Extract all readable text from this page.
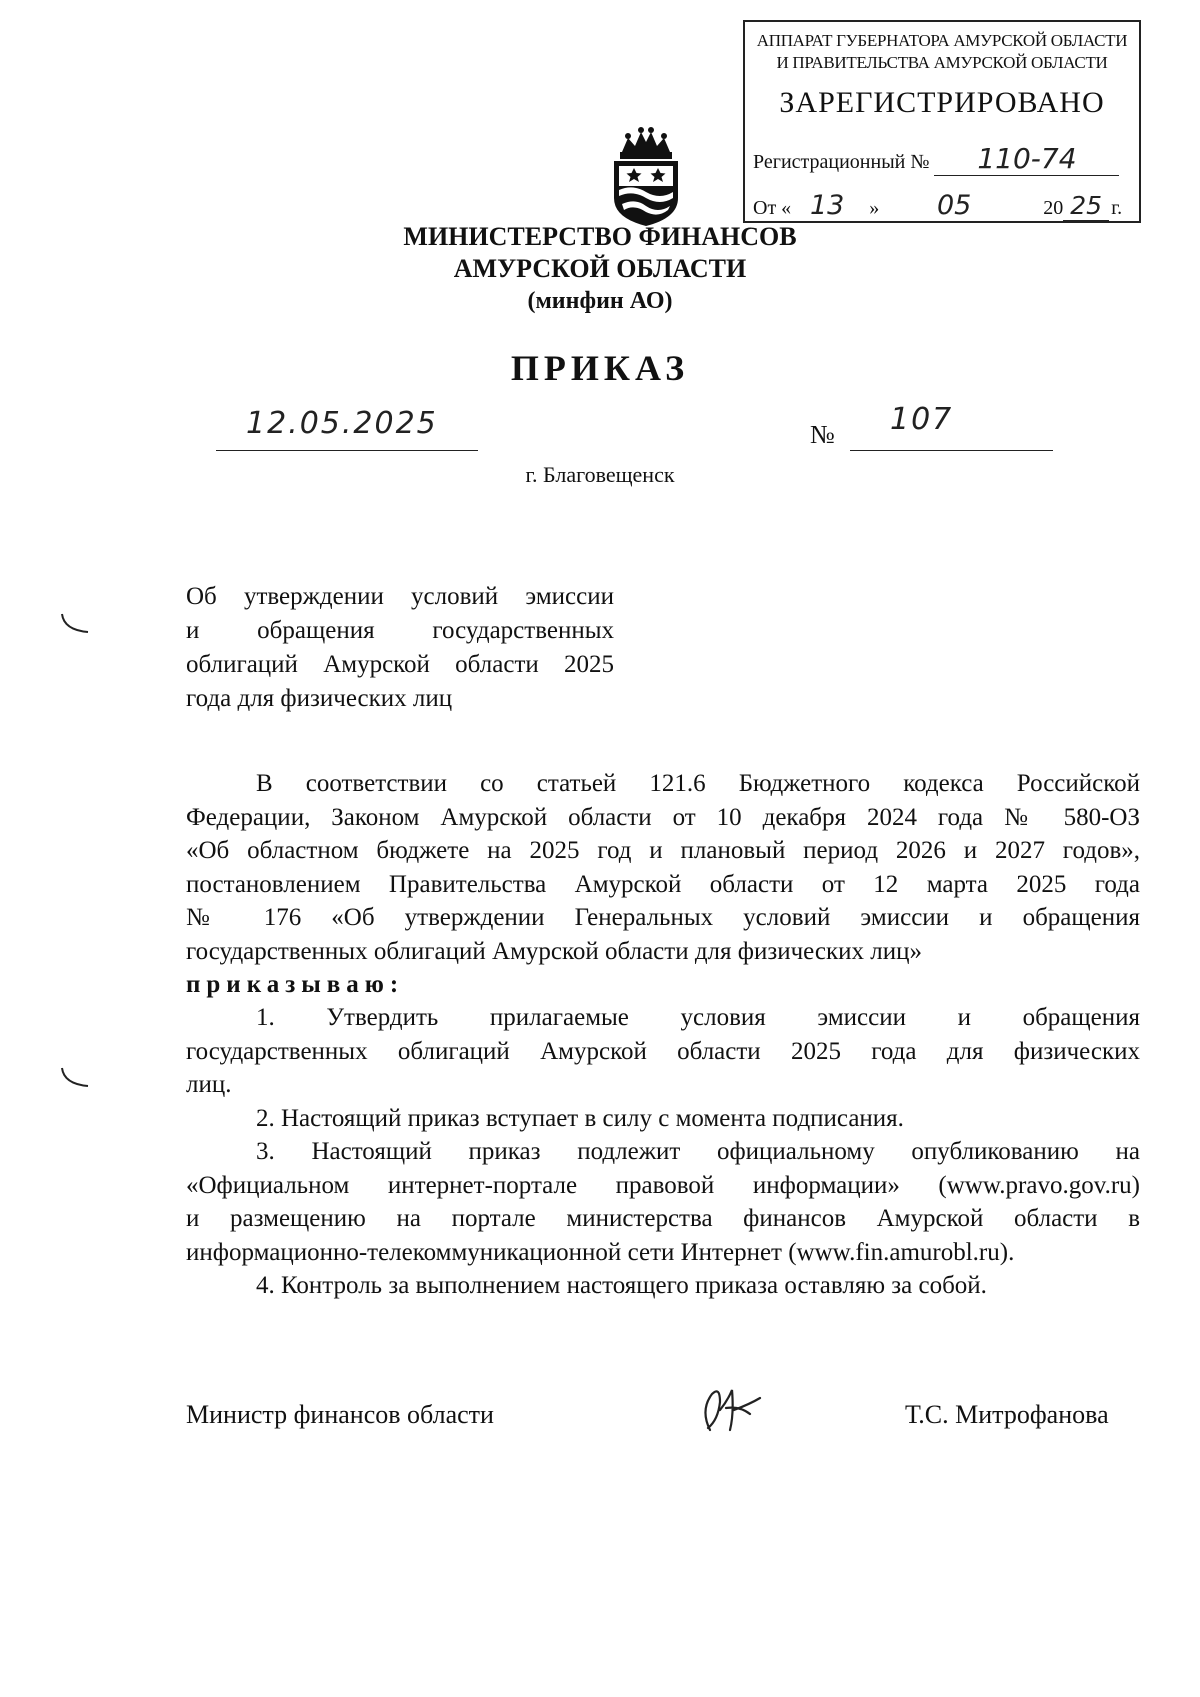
АППАРАТ ГУБЕРНАТОРА АМУРСКОЙ ОБЛАСТИ
И ПРАВИТЕЛЬСТВА АМУРСКОЙ ОБЛАСТИ
ЗАРЕГИСТРИРОВАНО
Регистрационный № 110-74
От « 13 » 05	20 25 г.
МИНИСТЕРСТВО ФИНАНСОВ
АМУРСКОЙ ОБЛАСТИ
(минфин АО)
ПРИКАЗ
12.05.2025	№ 107
г. Благовещенск
Об утверждении условий эмиссии
и обращения государственных
облигаций Амурской области 2025
года для физических лиц
В соответствии со статьей 121.6 Бюджетного кодекса Российской
Федерации, Законом Амурской области от 10 декабря 2024 года № 580-ОЗ
«Об областном бюджете на 2025 год и плановый период 2026 и 2027 годов»,
постановлением Правительства Амурской области от 12 марта 2025 года
№ 176 «Об утверждении Генеральных условий эмиссии и обращения
государственных облигаций Амурской области для физических лиц»
приказываю:
1. Утвердить прилагаемые условия эмиссии и обращения
государственных облигаций Амурской области 2025 года для физических
лиц.
2. Настоящий приказ вступает в силу с момента подписания.
3. Настоящий приказ подлежит официальному опубликованию на
«Официальном интернет-портале правовой информации» (www.pravo.gov.ru)
и размещению на портале министерства финансов Амурской области в
информационно-телекоммуникационной сети Интернет (www.fin.amurobl.ru).
4. Контроль за выполнением настоящего приказа оставляю за собой.
Министр финансов области	Т.С. Митрофанова
